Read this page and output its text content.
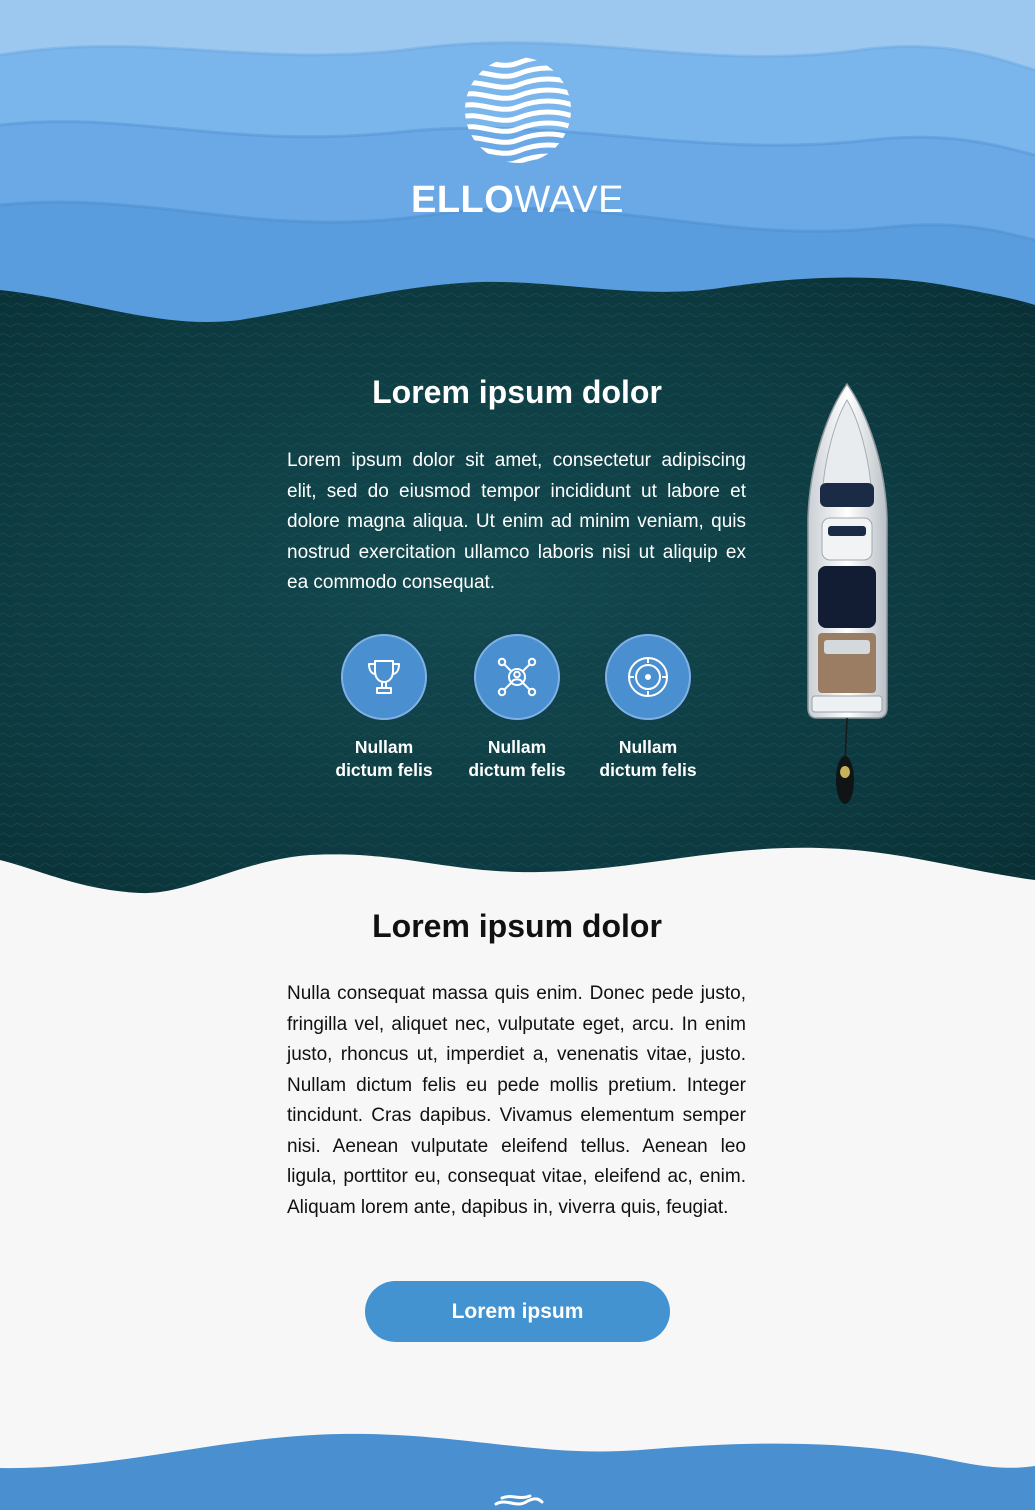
ELLOWAVE
Lorem ipsum dolor
Lorem ipsum dolor sit amet, consectetur adipiscing elit, sed do eiusmod tempor incididunt ut labore et dolore magna aliqua. Ut enim ad minim veniam, quis nostrud exercitation ullamco laboris nisi ut aliquip ex ea commodo consequat.
Nullam
dictum felis
Nullam
dictum felis
Nullam
dictum felis
Lorem ipsum dolor
Nulla consequat massa quis enim. Donec pede justo, fringilla vel, aliquet nec, vulputate eget, arcu. In enim justo, rhoncus ut, imperdiet a, venenatis vitae, justo. Nullam dictum felis eu pede mollis pretium. Integer tincidunt. Cras dapibus. Vivamus elementum semper nisi. Aenean vulputate eleifend tellus. Aenean leo ligula, porttitor eu, consequat vitae, eleifend ac, enim. Aliquam lorem ante, dapibus in, viverra quis, feugiat.
Lorem ipsum
